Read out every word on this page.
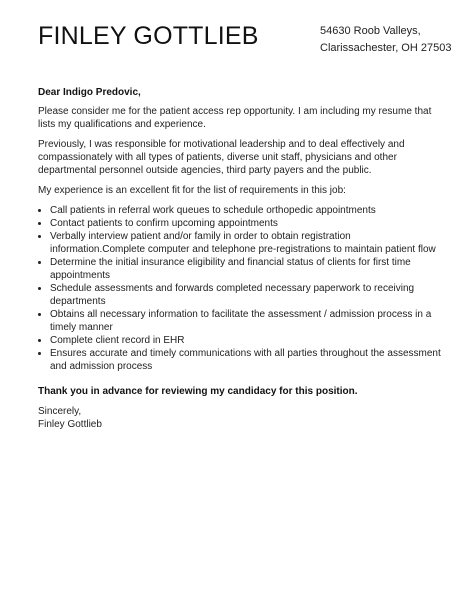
FINLEY GOTTLIEB	54630 Roob Valleys,
Clarissachester, OH 27503

Dear Indigo Predovic,

Please consider me for the patient access rep opportunity. I am including my resume that lists my qualifications and experience.

Previously, I was responsible for motivational leadership and to deal effectively and compassionately with all types of patients, diverse unit staff, physicians and other departmental personnel outside agencies, third party payers and the public.

My experience is an excellent fit for the list of requirements in this job:

• Call patients in referral work queues to schedule orthopedic appointments
• Contact patients to confirm upcoming appointments
• Verbally interview patient and/or family in order to obtain registration information.Complete computer and telephone pre-registrations to maintain patient flow
• Determine the initial insurance eligibility and financial status of clients for first time appointments
• Schedule assessments and forwards completed necessary paperwork to receiving departments
• Obtains all necessary information to facilitate the assessment / admission process in a timely manner
• Complete client record in EHR
• Ensures accurate and timely communications with all parties throughout the assessment and admission process

Thank you in advance for reviewing my candidacy for this position.

Sincerely,

Finley Gottlieb
